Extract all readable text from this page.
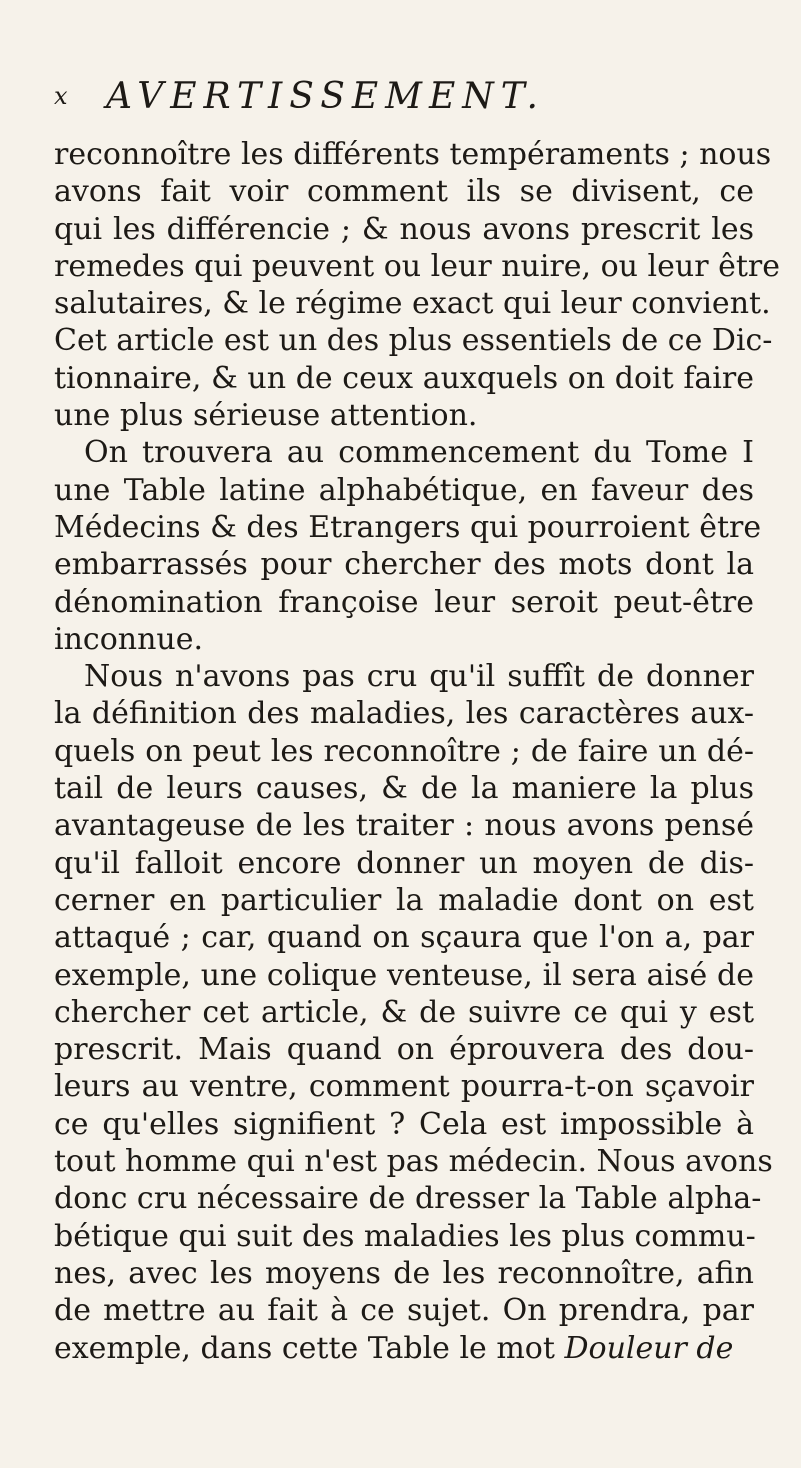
x AVERTISSEMENT.
reconnoître les différents tempéraments ; nous
avons fait voir comment ils se divisent, ce
qui les différencie ; & nous avons prescrit les
remedes qui peuvent ou leur nuire, ou leur être
salutaires, & le régime exact qui leur convient.
Cet article est un des plus essentiels de ce Dic-
tionnaire, & un de ceux auxquels on doit faire
une plus sérieuse attention.
On trouvera au commencement du Tome I
une Table latine alphabétique, en faveur des
Médecins & des Etrangers qui pourroient être
embarrassés pour chercher des mots dont la
dénomination françoise leur seroit peut-être
inconnue.
Nous n'avons pas cru qu'il suffît de donner
la définition des maladies, les caractères aux-
quels on peut les reconnoître ; de faire un dé-
tail de leurs causes, & de la maniere la plus
avantageuse de les traiter : nous avons pensé
qu'il falloit encore donner un moyen de dis-
cerner en particulier la maladie dont on est
attaqué ; car, quand on sçaura que l'on a, par
exemple, une colique venteuse, il sera aisé de
chercher cet article, & de suivre ce qui y est
prescrit. Mais quand on éprouvera des dou-
leurs au ventre, comment pourra-t-on sçavoir
ce qu'elles signifient ? Cela est impossible à
tout homme qui n'est pas médecin. Nous avons
donc cru nécessaire de dresser la Table alpha-
bétique qui suit des maladies les plus commu-
nes, avec les moyens de les reconnoître, afin
de mettre au fait à ce sujet. On prendra, par
exemple, dans cette Table le mot Douleur de
